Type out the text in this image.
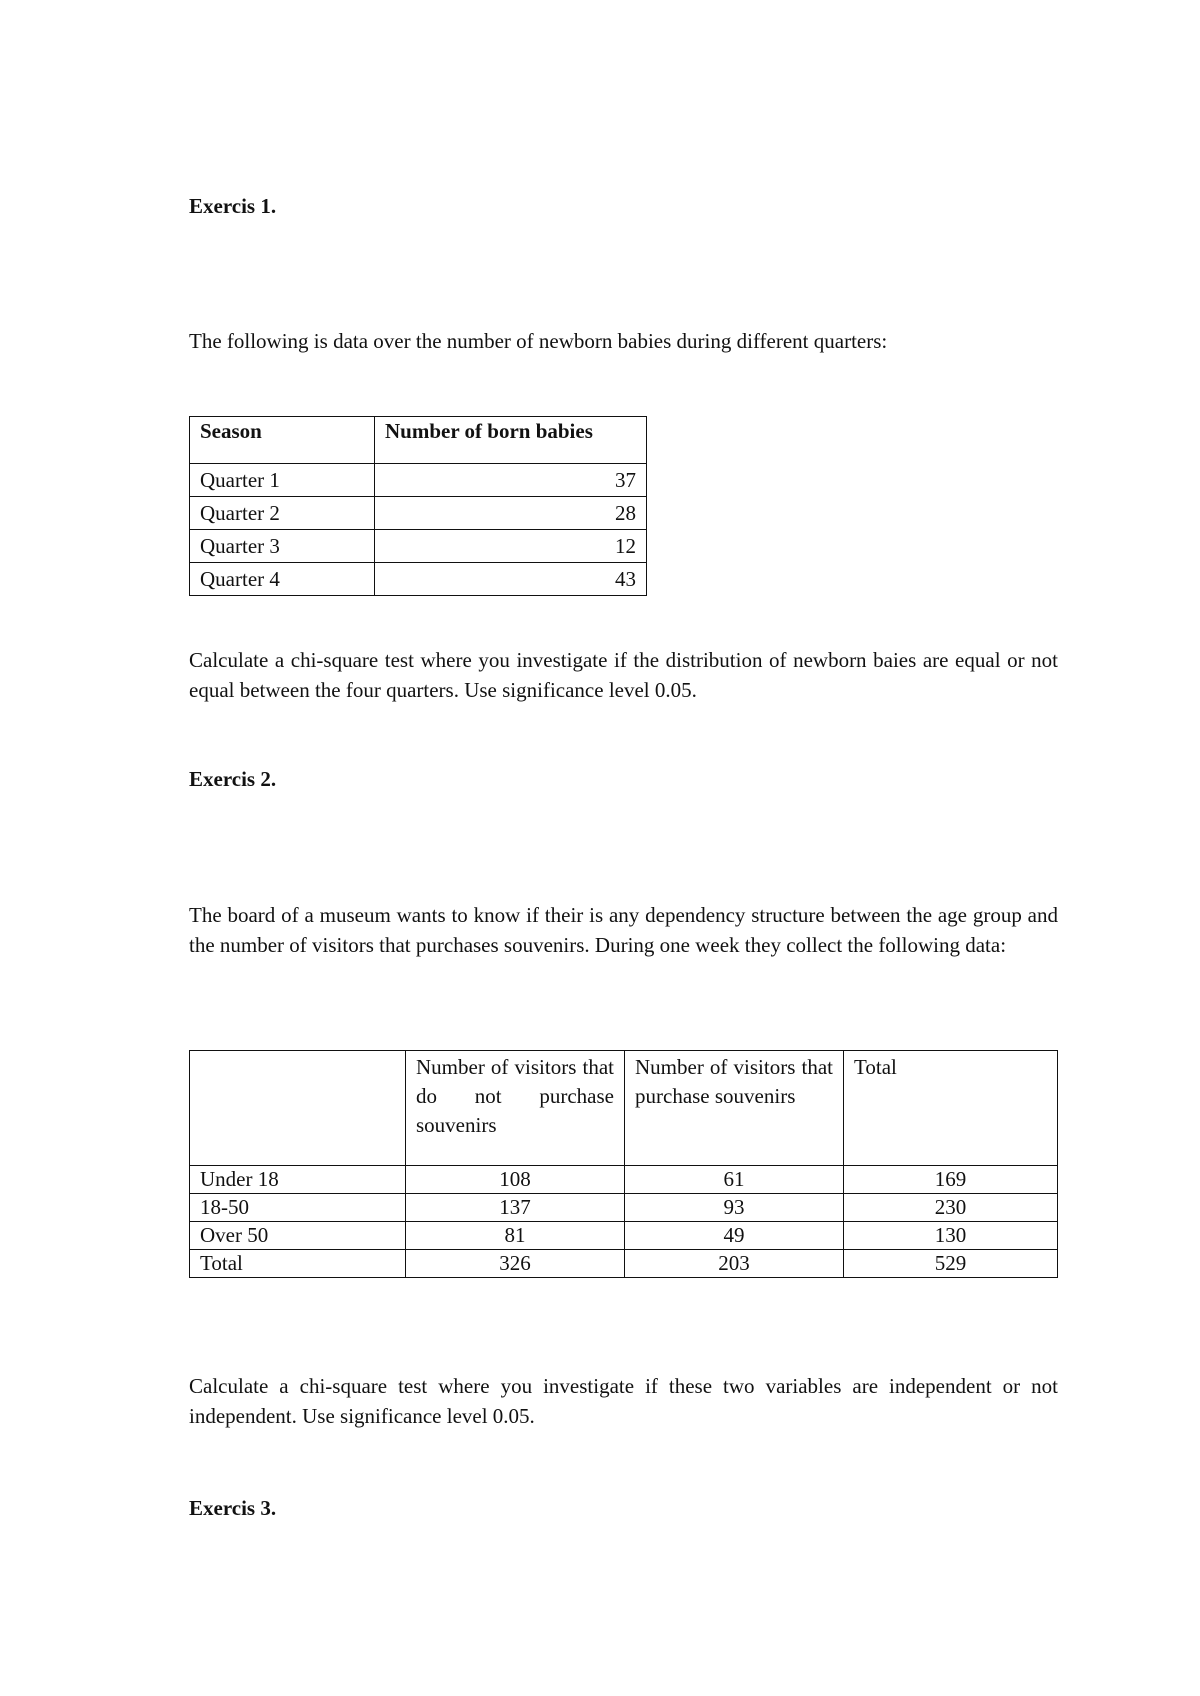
Exercis 1.

The following is data over the number of newborn babies during different quarters:

Season	Number of born babies
Quarter 1	37
Quarter 2	28
Quarter 3	12
Quarter 4	43

Calculate a chi-square test where you investigate if the distribution of newborn baies are equal or not equal between the four quarters. Use significance level 0.05.

Exercis 2.

The board of a museum wants to know if their is any dependency structure between the age group and the number of visitors that purchases souvenirs. During one week they collect the following data:

	Number of visitors that do not purchase souvenirs	Number of visitors that purchase souvenirs	Total
Under 18	108	61	169
18-50	137	93	230
Over 50	81	49	130
Total	326	203	529

Calculate a chi-square test where you investigate if these two variables are independent or not independent. Use significance level 0.05.

Exercis 3.
